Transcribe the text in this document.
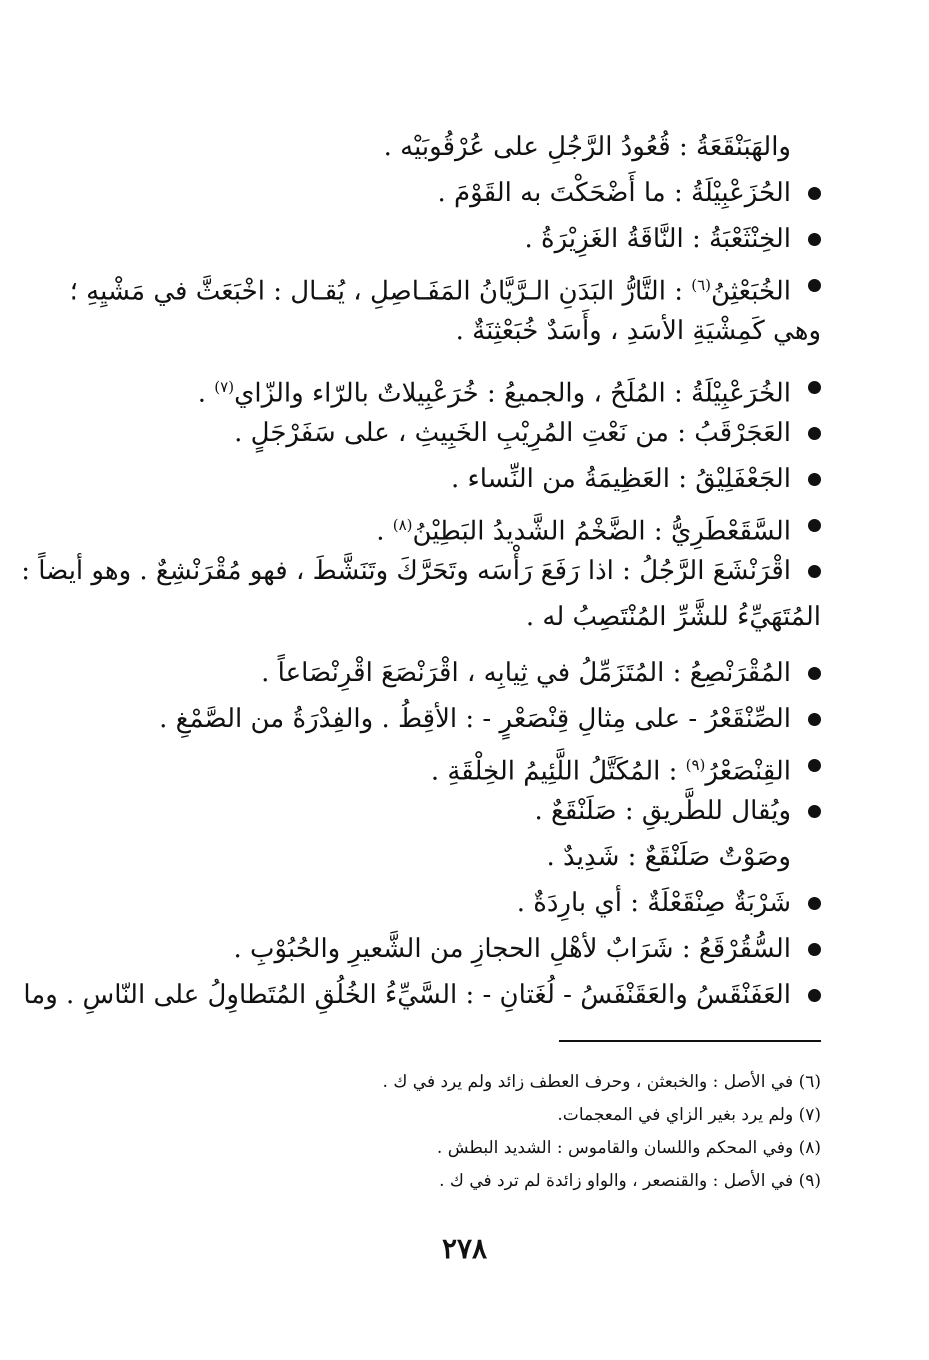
والهَبَنْقَعَةُ : قُعُودُ الرَّجُلِ على عُرْقُوبَيْه .
الحُزَعْبِيْلَةُ : ما أَضْحَكْتَ به القَوْمَ .
الخِنْثَعْبَةُ : النَّاقَةُ الغَزِيْرَةُ .
الخُبَعْثِنُ$^{(٦)}$ : التَّارُّ البَدَنِ الـرَّيَّانُ المَفَـاصِلِ ، يُقـال : اخْبَعَثَّ في مَشْيِهِ ؛
وهي كَمِشْيَةِ الأسَدِ ، وأَسَدٌ خُبَعْثِنَةٌ .
الخُرَعْبِيْلَةُ : المُلَحُ ، والجميعُ : خُرَعْبِيلاتٌ بالرّاء والزّاي$^{(٧)}$ .
العَجَرْقَبُ : من نَعْتِ المُرِيْبِ الخَبِيثِ ، على سَفَرْجَلٍ .
الجَعْفَلِيْقُ : العَظِيمَةُ من النِّساء .
السَّقَعْطَرِيُّ : الضَّخْمُ الشَّديدُ البَطِيْنُ$^{(٨)}$ .
اقْرَنْشَعَ الرَّجُلُ : اذا رَفَعَ رَأْسَه وتَحَرَّكَ وتَنَشَّطَ ، فهو مُقْرَنْشِعٌ . وهو أيضاً :
المُتَهَيِّءُ للشَّرِّ المُنْتَصِبُ له .
المُقْرَنْصِعُ : المُتَزَمِّلُ في ثِيابِه ، اقْرَنْصَعَ اقْرِنْصَاعاً .
الصِّنْقَعْرُ - على مِثالِ قِنْصَعْرٍ - : الأقِطُ . والفِدْرَةُ من الصَّمْغِ .
القِنْصَعْرُ$^{(٩)}$ : المُكَتَّلُ اللَّئِيمُ الخِلْقَةِ .
ويُقال للطَّريقِ : صَلَنْقَعٌ .
وصَوْتٌ صَلَنْقَعٌ : شَدِيدٌ .
شَرْبَةٌ صِنْقَعْلَةٌ : أي بارِدَةٌ .
السُّقُرْقَعُ : شَرَابٌ لأهْلِ الحجازِ من الشَّعيرِ والحُبُوْبِ .
العَفَنْقَسُ والعَقَنْفَسُ - لُغَتانِ - : السَّيِّءُ الخُلُقِ المُتَطاوِلُ على النّاسِ . وما
(٦) في الأصل : والخبعثن ، وحرف العطف زائد ولم يرد في ك .
(٧) ولم يرد بغير الزاي في المعجمات.
(٨) وفي المحكم واللسان والقاموس : الشديد البطش .
(٩) في الأصل : والقنصعر ، والواو زائدة لم ترد في ك .
٢٧٨
